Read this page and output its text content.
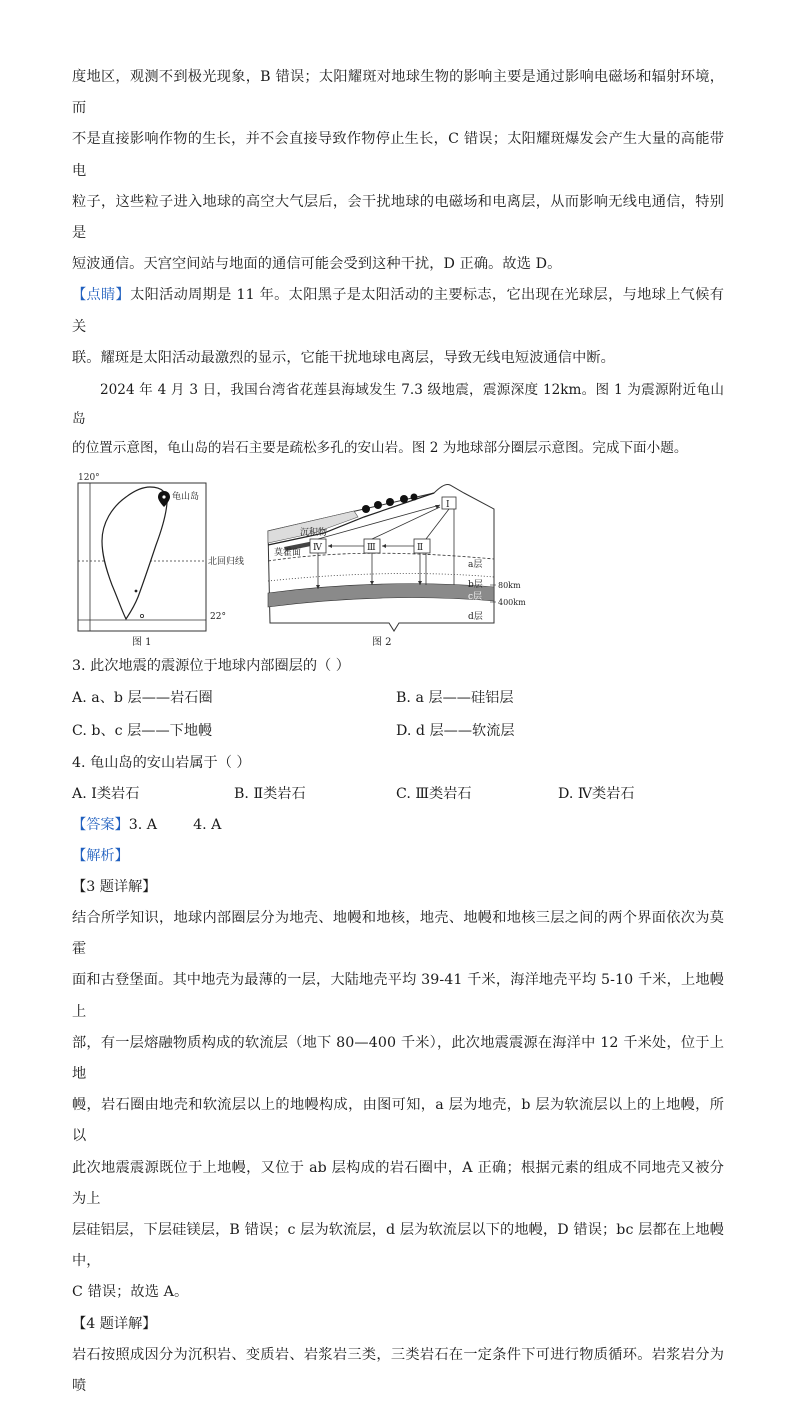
度地区，观测不到极光现象，B 错误；太阳耀斑对地球生物的影响主要是通过影响电磁场和辐射环境，而

不是直接影响作物的生长，并不会直接导致作物停止生长，C 错误；太阳耀斑爆发会产生大量的高能带电

粒子，这些粒子进入地球的高空大气层后，会干扰地球的电磁场和电离层，从而影响无线电通信，特别是

短波通信。天宫空间站与地面的通信可能会受到这种干扰，D 正确。故选 D。

【点睛】太阳活动周期是 11 年。太阳黑子是太阳活动的主要标志，它出现在光球层，与地球上气候有关

联。耀斑是太阳活动最激烈的显示，它能干扰地球电离层，导致无线电短波通信中断。

2024 年 4 月 3 日，我国台湾省花莲县海域发生 7.3 级地震，震源深度 12km。图 1 为震源附近龟山岛

的位置示意图，龟山岛的岩石主要是疏松多孔的安山岩。图 2 为地球部分圈层示意图。完成下面小题。

120°
龟山岛
北回归线
22°
图 1
沉积物
莫霍面
Ⅰ
Ⅳ	Ⅲ	Ⅱ
a层
b层
c层
d层
80km
400km
图 2

3. 此次地震的震源位于地球内部圈层的（ ）

A. a、b 层——岩石圈	B. a 层——硅铝层
C. b、c 层——下地幔	D. d 层——软流层

4. 龟山岛的安山岩属于（ ）

A. Ⅰ类岩石	B. Ⅱ类岩石	C. Ⅲ类岩石	D. Ⅳ类岩石

【答案】3. A        4. A

【解析】

【3 题详解】

结合所学知识，地球内部圈层分为地壳、地幔和地核，地壳、地幔和地核三层之间的两个界面依次为莫霍

面和古登堡面。其中地壳为最薄的一层，大陆地壳平均 39-41 千米，海洋地壳平均 5-10 千米，上地幔上

部，有一层熔融物质构成的软流层（地下 80—400 千米），此次地震震源在海洋中 12 千米处，位于上地

幔，岩石圈由地壳和软流层以上的地幔构成，由图可知，a 层为地壳，b 层为软流层以上的上地幔，所以

此次地震震源既位于上地幔，又位于 ab 层构成的岩石圈中，A 正确；根据元素的组成不同地壳又被分为上

层硅铝层，下层硅镁层，B 错误；c 层为软流层，d 层为软流层以下的地幔，D 错误；bc 层都在上地幔中，

C 错误；故选 A。

【4 题详解】

岩石按照成因分为沉积岩、变质岩、岩浆岩三类，三类岩石在一定条件下可进行物质循环。岩浆岩分为喷
